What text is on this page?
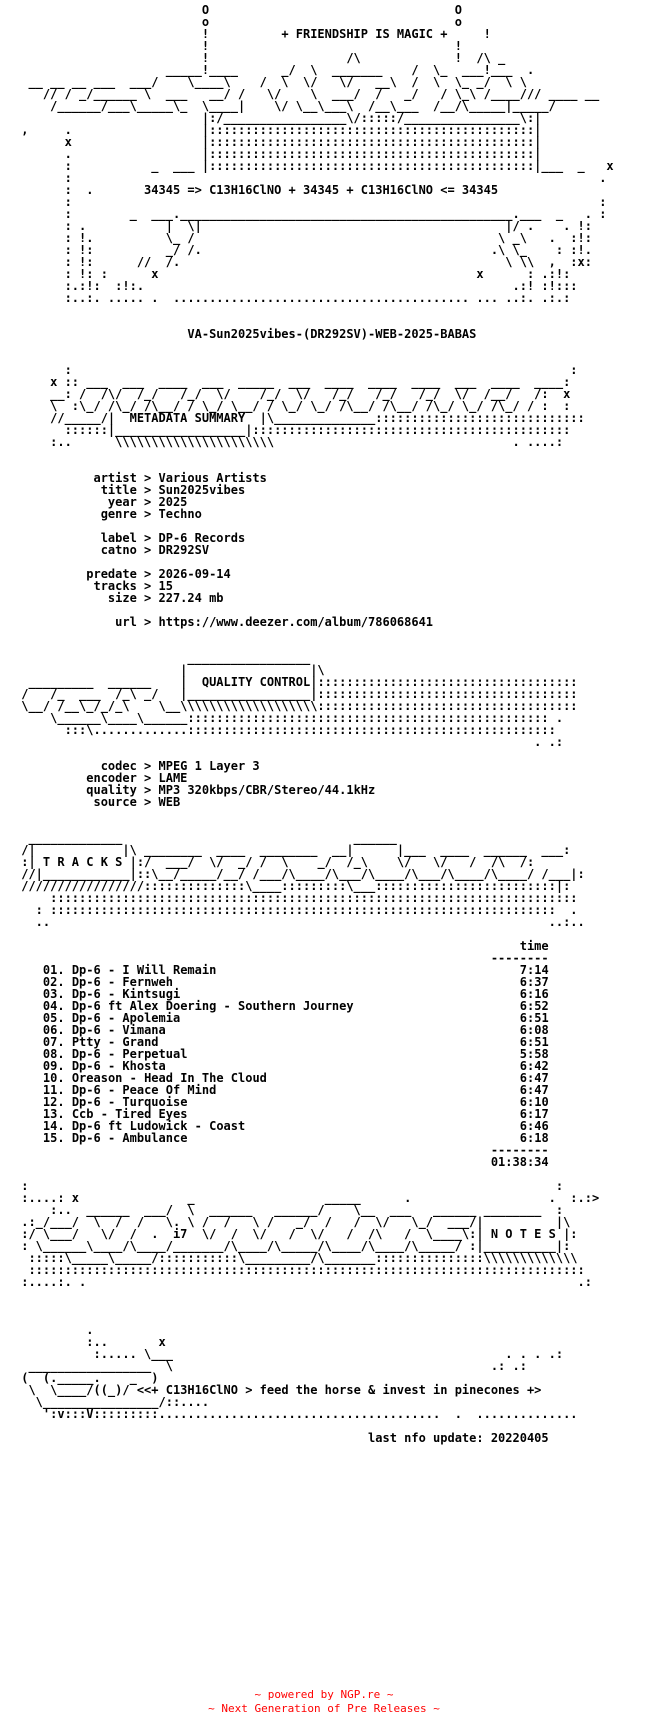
O                                  O
o                                  o
!	+ FRIENDSHIP IS MAGIC +	!
!                                  !
!                   /\             !  /\ _
_____!____      _/  \  _______    /  \_  ___!___  .
__ __ __ ___  ___/    \____\    /  \  \/   \/   __\  /  \  \_ _/  \ \
// / _/______ \  ___   __/ /   \/    \  ___/  /   _/   / \_\ /____/// ____ __
/______/___\_____\_  \____|    \/ \__\___\  /__\___  /__/\_____|_____/
|:/_________________\/:::::/________________\:|
,     .                  |:::::::::::::::::::::::::::::::::::::::::::::|
x                  |:::::::::::::::::::::::::::::::::::::::::::::|
.                  |:::::::::::::::::::::::::::::::::::::::::::::|
:           _  ___ |:::::::::::::::::::::::::::::::::::::::::::::|___  _   x
:                                                                         .
:  .	34345 => C13H16ClNO + 34345 + C13H16ClNO <= 34345
:                                                                         :
:        _  ___.______________________________________________.___  _   . :
: .           |  \|                                          |/ .    . !:
: !.          \_ /                                          \ _\   .  :!:
: !:          _/ /.                                        .\ \_    : :!.
: !:      //  /.                                             \ \\  ,  :x:
: !: :      x                                            x      : .:!:
:.:!:  :!:.                                                   .:! :!:::
:..:. ..... .  ......................................... ... ..:. .:.:

VA-Sun2025vibes-(DR292SV)-WEB-2025-BABAS

:                                                                     :
x :: ___  ___  ____  ___  _____  ___  ____  ____  ____  ___  ____  ____:
__: /  /\/  /_/   /_/  \/    /_/  \/   /_/   /_/   /_/  \/  /__/   /:  x
\  :\_/ /\_/ /\__/ / \_/ \__/ / \_/ \_/ /\__/ /\__/ /\_/ \_/ /\_/ / :  :
//_____/|  METADATA SUMMARY  |\______________:::::::::::::::::::::::::::::
::::::|__________________|::::::::::::::::::::::::::::::::::::::::::::
:..      \\\\\\\\\\\\\\\\\\\\\\                                 . ....:

artist > Various Artists
title > Sun2025vibes
year > 2025
genre > Techno

label > DP-6 Records
catno > DR292SV

predate > 2026-09-14
tracks > 15
size > 227.24 mb

url > https://www.deezer.com/album/786068641

_________________
|                 |\
_________  ______    |  QUALITY CONTROL|::::::::::::::::::::::::::::::::::::
/   /_  ___  /_\ _/   |_________________|::::::::::::::::::::::::::::::::::::
\__/ /__\_/_/_\    \__\\\\\\\\\\\\\\\\\\\::::::::::::::::::::::::::::::::::::
\______\____\______:::::::::::::::::::::::::::::::::::::::::::::::::: .
:::\.............:::::::::::::::::::::::::::::::::::::::::::::::::::
. .:

codec > MPEG 1 Layer 3
encoder > LAME
quality > MP3 320kbps/CBR/Stereo/44.1kHz
source > WEB

_____________                                ______
/|            |\ ________  ____  ________  __|      |___  ____  ______  ___:
:| T R A C K S |:/  ___/  \/  _/ /  \    _/  /_\    \/   \/   /  /\  /:
//|____________|::\__/_____/__/ /___/\____/\___/\____/\___/\____/\____/ /___|:
/////////////////::::::::::::::\____:::::::::\___:::::::::::::::::::::::::|:
:::::::::::::::::::::::::::::::::::::::::::::::::::::::::::::::::::::::::
: ::::::::::::::::::::::::::::::::::::::::::::::::::::::::::::::::::::::  .
..                                                                     ..:..

time
--------
01. Dp-6 - I Will Remain	7:14
02. Dp-6 - Fernweh	6:37
03. Dp-6 - Kintsugi	6:16
04. Dp-6 ft Alex Doering - Southern Journey	6:52
05. Dp-6 - Apolemia	6:51
06. Dp-6 - Vimana	6:08
07. Ptty - Grand	6:51
08. Dp-6 - Perpetual	5:58
09. Dp-6 - Khosta	6:42
10. Oreason - Head In The Cloud	6:47
11. Dp-6 - Peace Of Mind	6:47
12. Dp-6 - Turquoise	6:10
13. Ccb - Tired Eyes	6:17
14. Dp-6 ft Ludowick - Coast	6:46
15. Dp-6 - Ambulance	6:18
--------
01:38:34

:                                                                         :
:....: x               _                  _____      .                   .  :.:>
:..  ______  ___/  \  ______   ______/    \__  ___   ______ ________  :
.:_/___/  \  /  /   \. \ /  /   \ /   _/  /   /  \/   \_/  ___/|          |\
:/ \___/   \/  /  .  i7  \/  /  \/   /  \/   /  /\   /  \____\:| N O T E S |:
: \______\____/\____/_______/\____/\_____/\____/\____/\_____/ :|__________|:
:::::\_____\_____/:::::::::::\_________/\_______:::::::::::::::\\\\\\\\\\\\\
:::::::::::::::::::::::::::::::::::::::::::::::::::::::::::::::::::::::::::::
:....:. .                                                                    .:

.
:..       x
:..... \___                                              . . . .:
_________________  \                                            .: .:
(  (._____.    _  )
\  \____/((_)/ <<+ C13H16ClNO > feed the horse & invest in pinecones +>
\________________/::....
':v:::V:::::::::.......................................  .  ..............

last nfo update: 20220405

~ powered by NGP.re ~
~ Next Generation of Pre Releases ~
